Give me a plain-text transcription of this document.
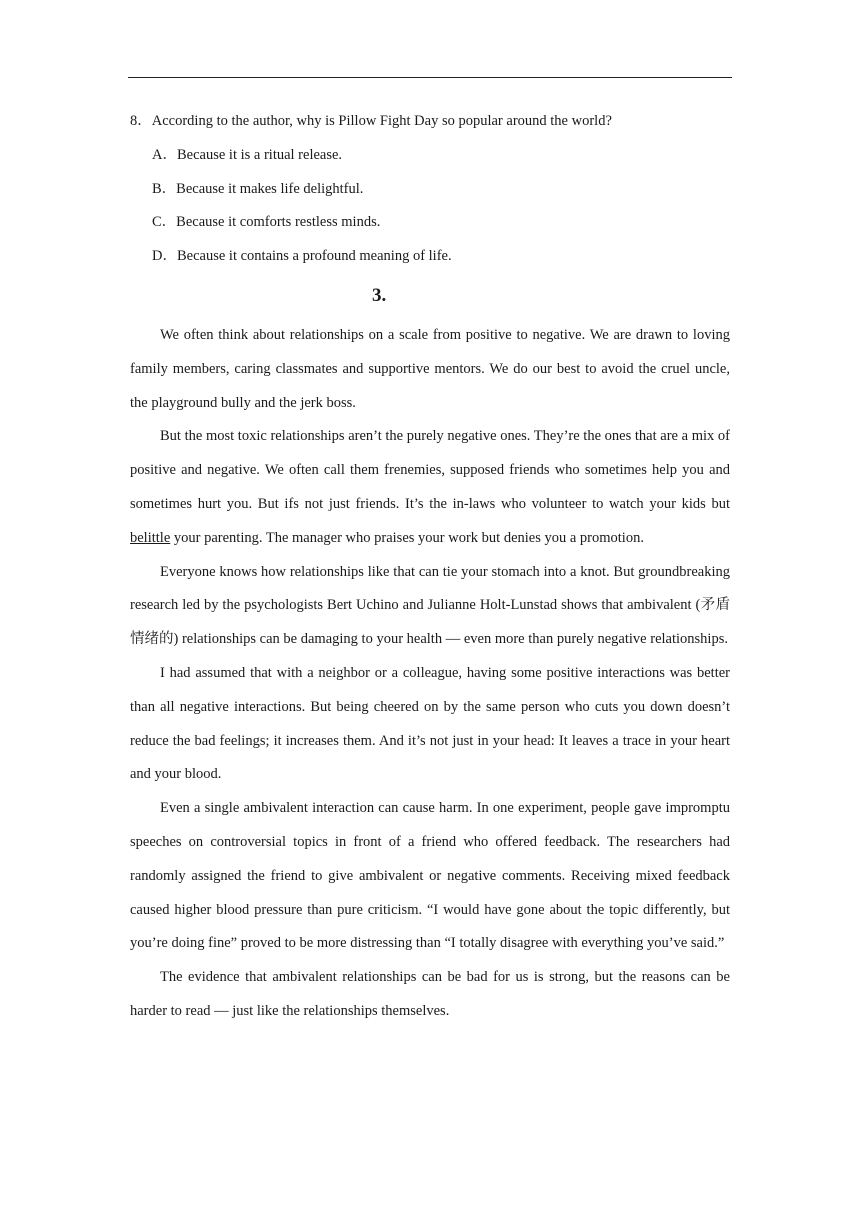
8．According to the author, why is Pillow Fight Day so popular around the world?
A．Because it is a ritual release.
B．Because it makes life delightful.
C．Because it comforts restless minds.
D．Because it contains a profound meaning of life.
3.

We often think about relationships on a scale from positive to negative. We are drawn to loving family members, caring classmates and supportive mentors. We do our best to avoid the cruel uncle, the playground bully and the jerk boss.

But the most toxic relationships aren’t the purely negative ones. They’re the ones that are a mix of positive and negative. We often call them frenemies, supposed friends who sometimes help you and sometimes hurt you. But ifs not just friends. It’s the in-laws who volunteer to watch your kids but belittle your parenting. The manager who praises your work but denies you a promotion.

Everyone knows how relationships like that can tie your stomach into a knot. But groundbreaking research led by the psychologists Bert Uchino and Julianne Holt-Lunstad shows that ambivalent (矛盾情绪的) relationships can be damaging to your health — even more than purely negative relationships.

I had assumed that with a neighbor or a colleague, having some positive interactions was better than all negative interactions. But being cheered on by the same person who cuts you down doesn’t reduce the bad feelings; it increases them. And it’s not just in your head: It leaves a trace in your heart and your blood.

Even a single ambivalent interaction can cause harm. In one experiment, people gave impromptu speeches on controversial topics in front of a friend who offered feedback. The researchers had randomly assigned the friend to give ambivalent or negative comments. Receiving mixed feedback caused higher blood pressure than pure criticism. “I would have gone about the topic differently, but you’re doing fine” proved to be more distressing than “I totally disagree with everything you’ve said.”

The evidence that ambivalent relationships can be bad for us is strong, but the reasons can be harder to read — just like the relationships themselves.
